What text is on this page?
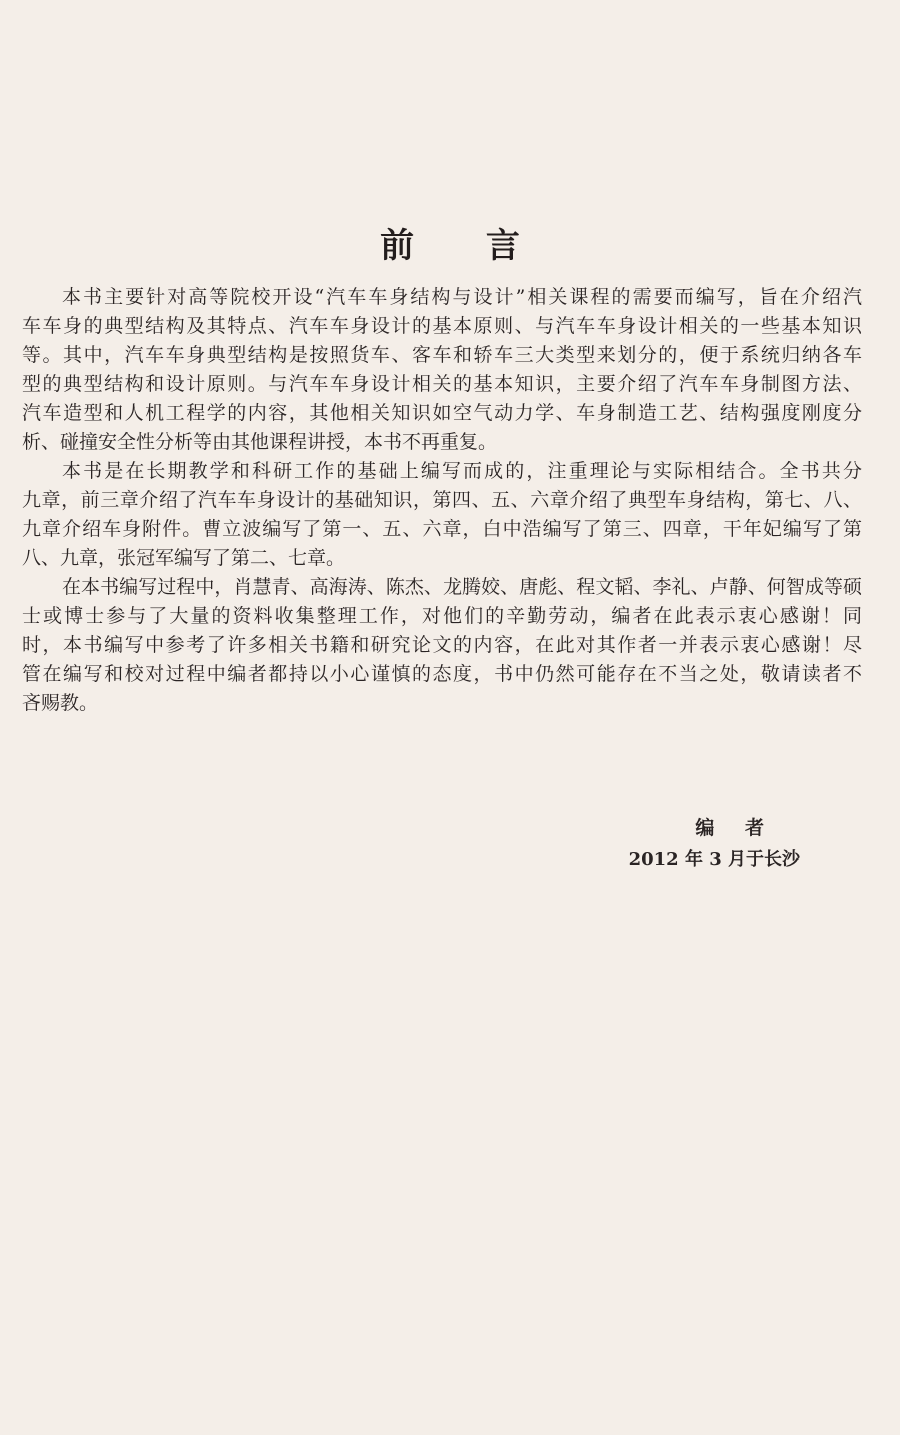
前 言
本书主要针对高等院校开设“汽车车身结构与设计”相关课程的需要而编写，旨在介绍汽
车车身的典型结构及其特点、汽车车身设计的基本原则、与汽车车身设计相关的一些基本知识
等。其中，汽车车身典型结构是按照货车、客车和轿车三大类型来划分的，便于系统归纳各车
型的典型结构和设计原则。与汽车车身设计相关的基本知识，主要介绍了汽车车身制图方法、
汽车造型和人机工程学的内容，其他相关知识如空气动力学、车身制造工艺、结构强度刚度分
析、碰撞安全性分析等由其他课程讲授，本书不再重复。
本书是在长期教学和科研工作的基础上编写而成的，注重理论与实际相结合。全书共分
九章，前三章介绍了汽车车身设计的基础知识，第四、五、六章介绍了典型车身结构，第七、八、
九章介绍车身附件。曹立波编写了第一、五、六章，白中浩编写了第三、四章，干年妃编写了第
八、九章，张冠军编写了第二、七章。
在本书编写过程中，肖慧青、高海涛、陈杰、龙腾姣、唐彪、程文韬、李礼、卢静、何智成等硕
士或博士参与了大量的资料收集整理工作，对他们的辛勤劳动，编者在此表示衷心感谢！同
时，本书编写中参考了许多相关书籍和研究论文的内容，在此对其作者一并表示衷心感谢！尽
管在编写和校对过程中编者都持以小心谨慎的态度，书中仍然可能存在不当之处，敬请读者不
吝赐教。
编 者
2012 年 3 月于长沙
